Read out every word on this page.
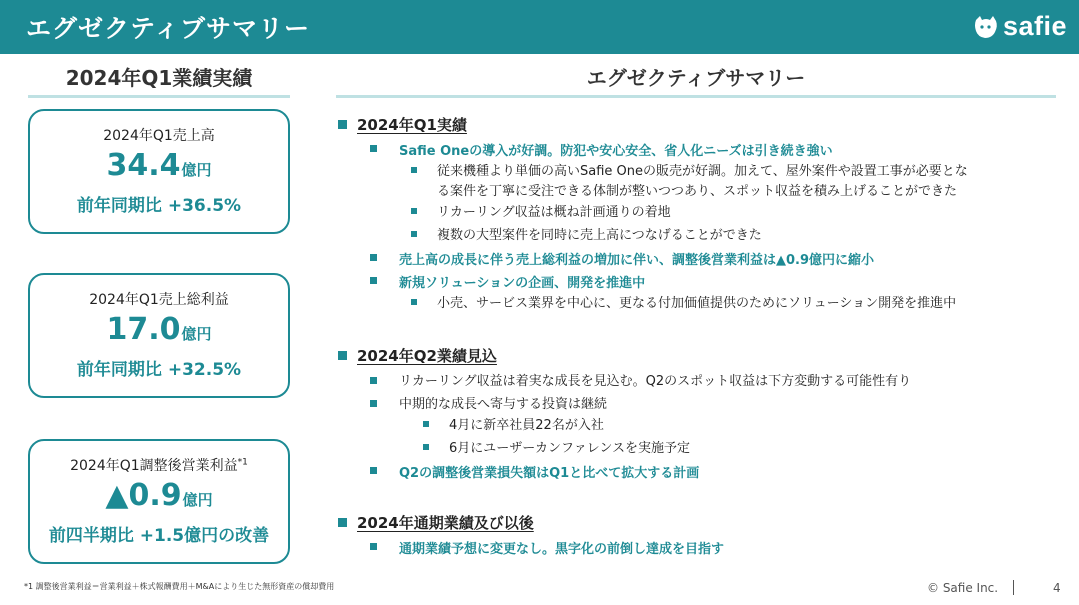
エグゼクティブサマリー	safie
2024年Q1業績実績
2024年Q1売上高
34.4億円
前年同期比 +36.5%
2024年Q1売上総利益
17.0億円
前年同期比 +32.5%
2024年Q1調整後営業利益$^{*1}$
▲0.9億円
前四半期比 +1.5億円の改善
エグゼクティブサマリー
2024年Q1実績
Safie Oneの導入が好調。防犯や安心安全、省人化ニーズは引き続き強い
従来機種より単価の高いSafie Oneの販売が好調。加えて、屋外案件や設置工事が必要とな
る案件を丁寧に受注できる体制が整いつつあり、スポット収益を積み上げることができた
リカーリング収益は概ね計画通りの着地
複数の大型案件を同時に売上高につなげることができた
売上高の成長に伴う売上総利益の増加に伴い、調整後営業利益は▲0.9億円に縮小
新規ソリューションの企画、開発を推進中
小売、サービス業界を中心に、更なる付加価値提供のためにソリューション開発を推進中
2024年Q2業績見込
リカーリング収益は着実な成長を見込む。Q2のスポット収益は下方変動する可能性有り
中期的な成長へ寄与する投資は継続
4月に新卒社員22名が入社
6月にユーザーカンファレンスを実施予定
Q2の調整後営業損失額はQ1と比べて拡大する計画
2024年通期業績及び以後
通期業績予想に変更なし。黒字化の前倒し達成を目指す
*1 調整後営業利益＝営業利益＋株式報酬費用＋M&Aにより生じた無形資産の償却費用	© Safie Inc.	4
